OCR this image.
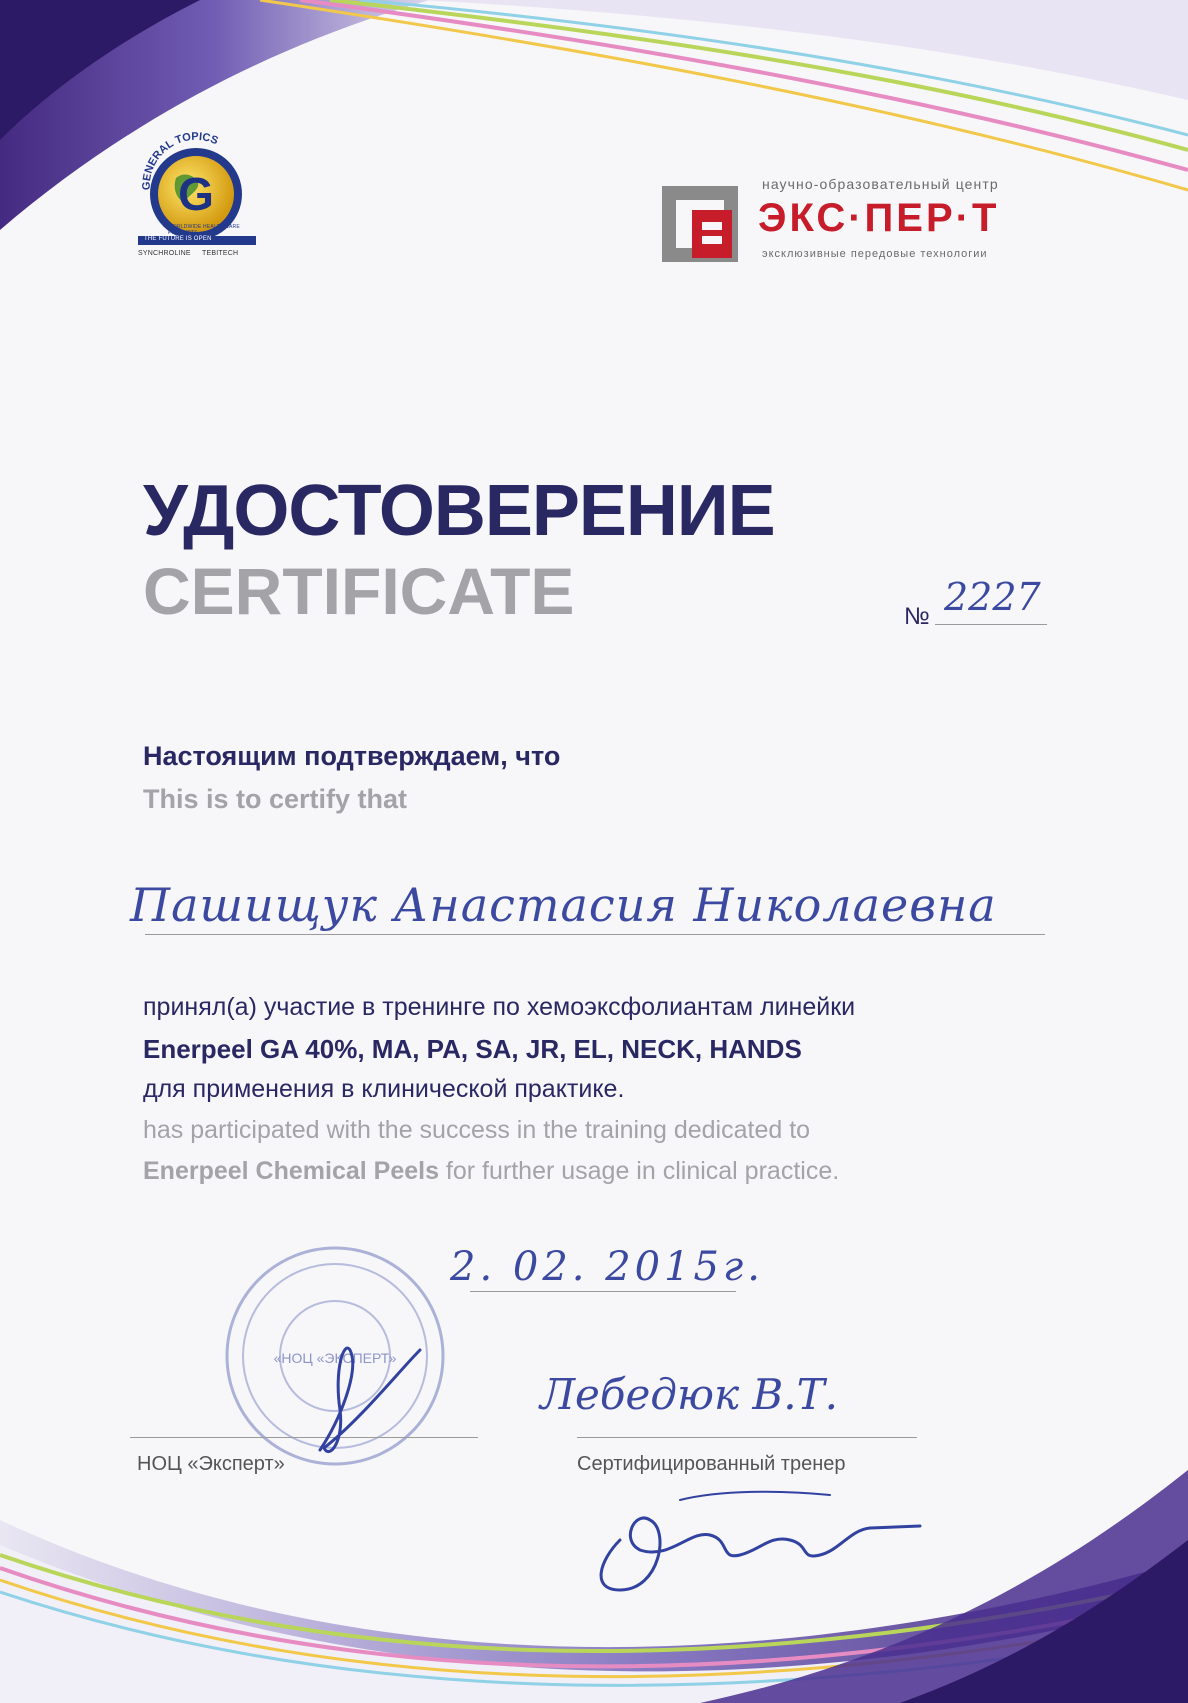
G
GENERAL TOPICS
THE FUTURE IS OPEN
SYNCHROLINE TEBITECH
WORLDWIDE HEALTH CARE PRODUCTS
научно-образовательный центр
ЭКС·ПЕР·Т
эксклюзивные передовые технологии
УДОСТОВЕРЕНИЕ
CERTIFICATE	№ 2227
Настоящим подтверждаем, что
This is to certify that
Пашищук Анастасия Николаевна
принял(а) участие в тренинге по хемоэксфолиантам линейки
Enerpeel GA 40%, MA, PA, SA, JR, EL, NECK, HANDS
для применения в клинической практике.
has participated with the success in the training dedicated to
Enerpeel Chemical Peels for further usage in clinical practice.
«НОЦ «ЭКСПЕРТ»
2. 02. 2015г.
НОЦ «Эксперт»
Лебедюк В.Т.
Сертифицированный тренер
